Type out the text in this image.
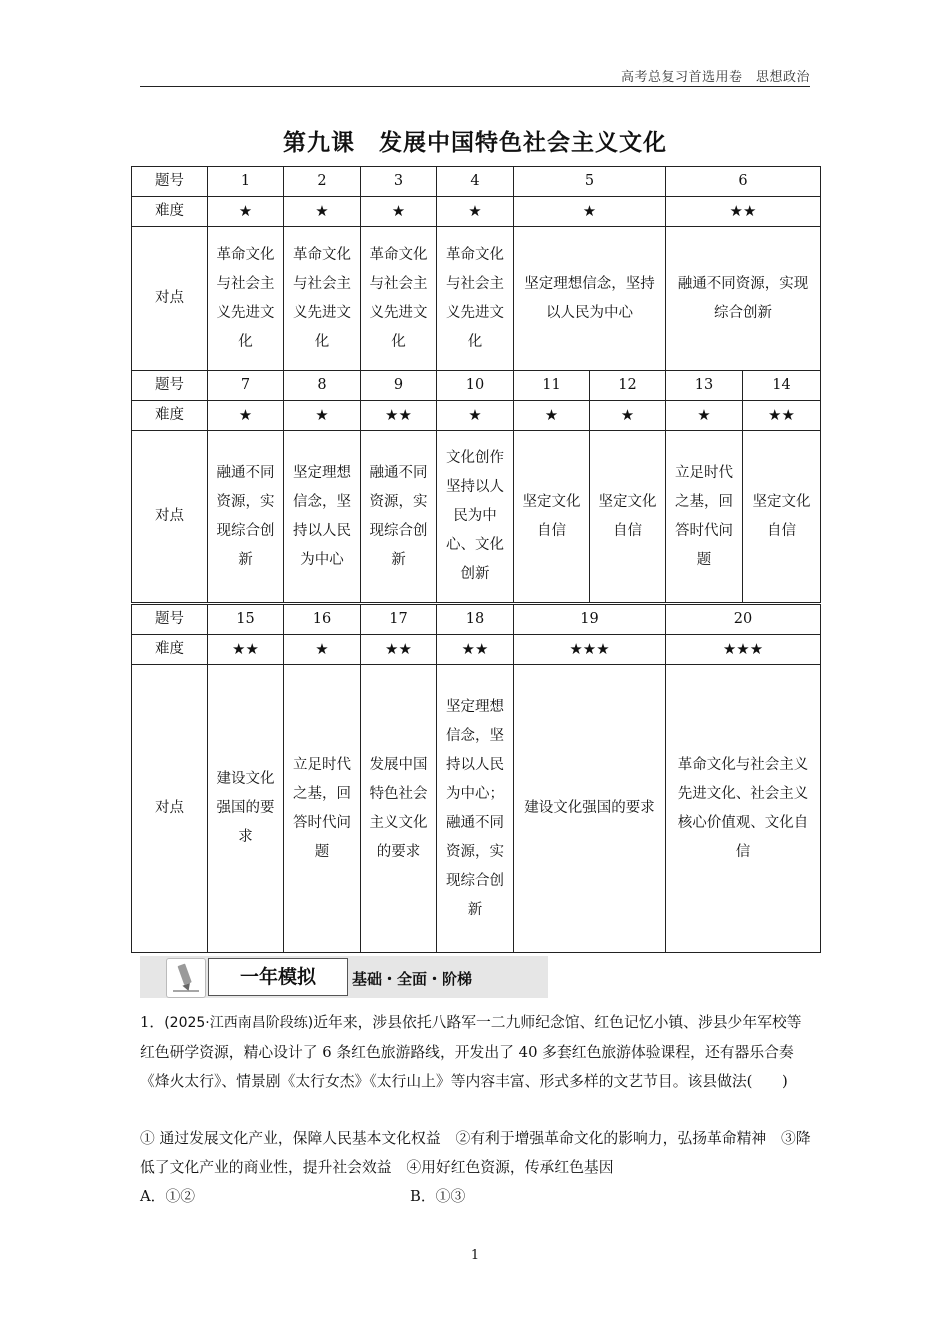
高考总复习首选用卷　思想政治
第九课　发展中国特色社会主义文化
题号	1	2	3	4	5	6
难度	★	★	★	★	★	★★
对点	革命文化与社会主义先进文化	革命文化与社会主义先进文化	革命文化与社会主义先进文化	革命文化与社会主义先进文化	坚定理想信念，坚持以人民为中心	融通不同资源，实现综合创新
题号	7	8	9	10	11	12	13	14
难度	★	★	★★	★	★	★	★	★★
对点	融通不同资源，实现综合创新	坚定理想信念，坚持以人民为中心	融通不同资源，实现综合创新	文化创作坚持以人民为中心、文化创新	坚定文化自信	坚定文化自信	立足时代之基，回答时代问题	坚定文化自信
题号	15	16	17	18	19	20
难度	★★	★	★★	★★	★★★	★★★
对点	建设文化强国的要求	立足时代之基，回答时代问题	发展中国特色社会主义文化的要求	坚定理想信念，坚持以人民为中心；融通不同资源，实现综合创新	建设文化强国的要求	革命文化与社会主义先进文化、社会主义核心价值观、文化自信
一年模拟	基础・全面・阶梯
1．(2025·江西南昌阶段练)近年来，涉县依托八路军一二九师纪念馆、红色记忆小镇、涉县少年军校等红色研学资源，精心设计了 6 条红色旅游路线，开发出了 40 多套红色旅游体验课程，还有器乐合奏《烽火太行》、情景剧《太行女杰》《太行山上》等内容丰富、形式多样的文艺节目。该县做法(　　)
① 通过发展文化产业，保障人民基本文化权益　②有利于增强革命文化的影响力，弘扬革命精神　③降低了文化产业的商业性，提升社会效益　④用好红色资源，传承红色基因
A．①②	B．①③
1
